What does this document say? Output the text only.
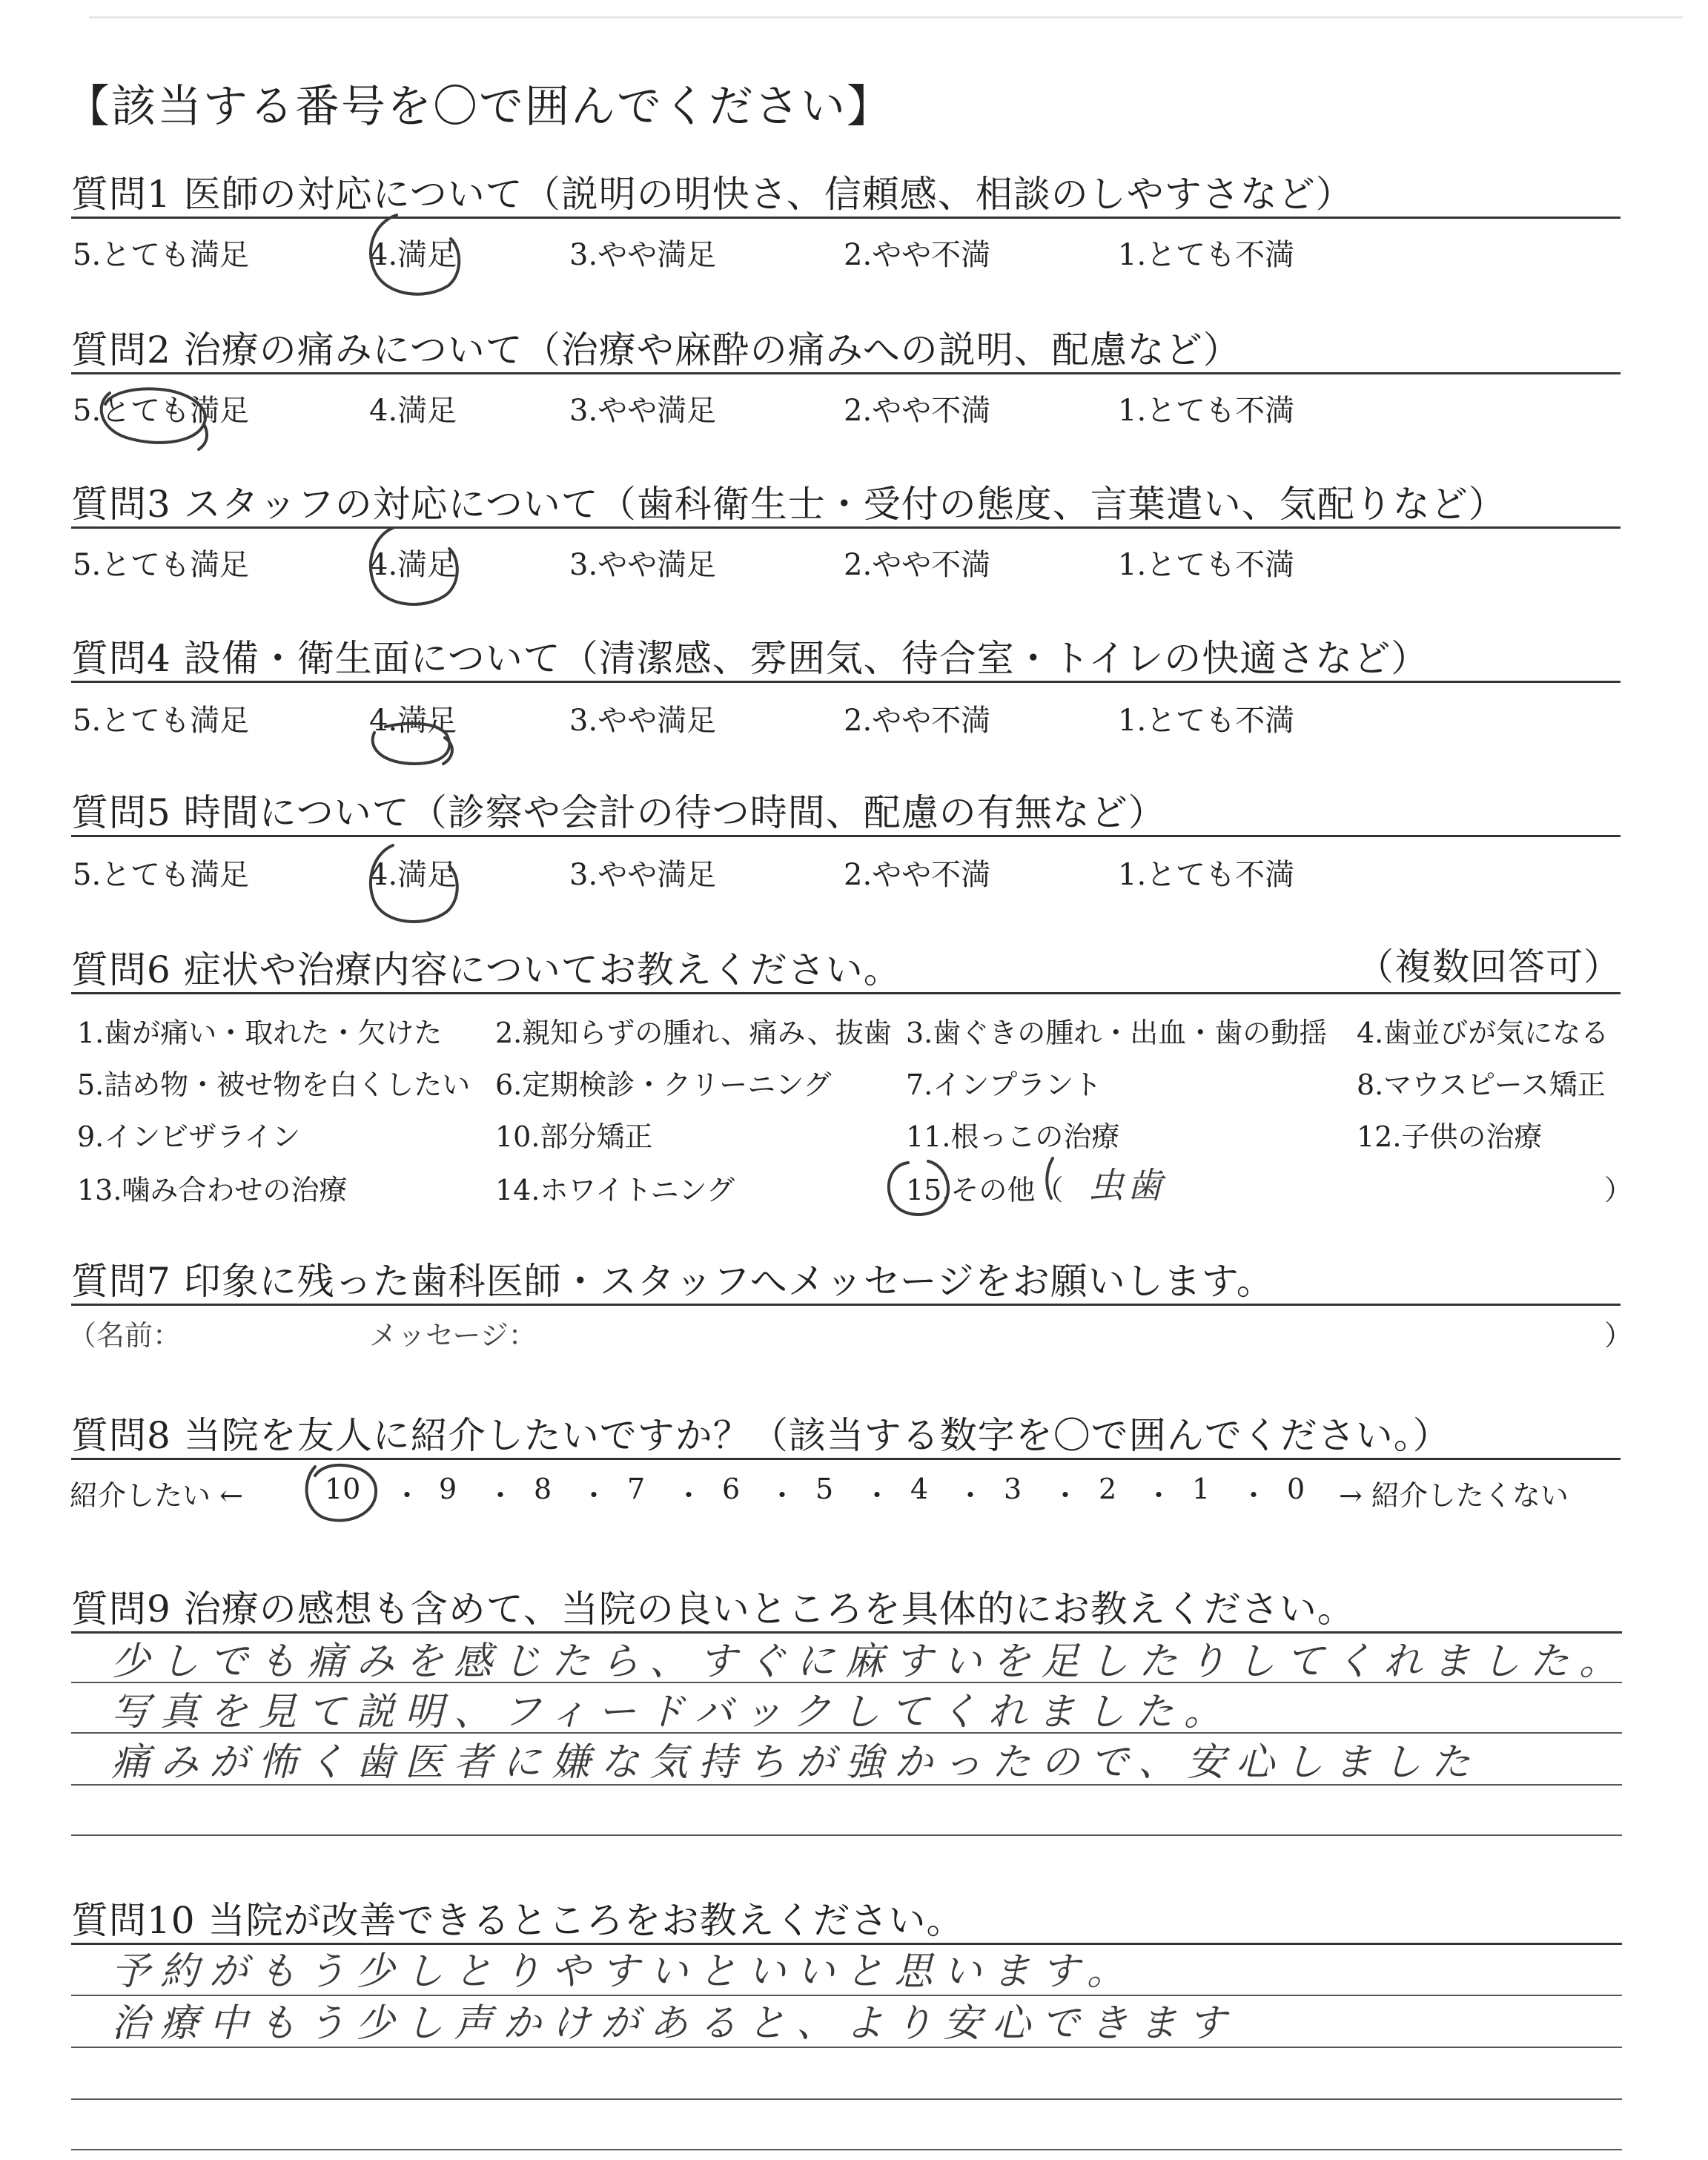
【該当する番号を〇で囲んでください】
質問1 医師の対応について（説明の明快さ、信頼感、相談のしやすさなど）
5.とても満足	4.満足	3.やや満足	2.やや不満	1.とても不満
質問2 治療の痛みについて（治療や麻酔の痛みへの説明、配慮など）
5.とても満足	4.満足	3.やや満足	2.やや不満	1.とても不満
質問3 スタッフの対応について（歯科衛生士・受付の態度、言葉遣い、気配りなど）
5.とても満足	4.満足	3.やや満足	2.やや不満	1.とても不満
質問4 設備・衛生面について（清潔感、雰囲気、待合室・トイレの快適さなど）
5.とても満足	4.満足	3.やや満足	2.やや不満	1.とても不満
質問5 時間について（診察や会計の待つ時間、配慮の有無など）
5.とても満足	4.満足	3.やや満足	2.やや不満	1.とても不満
質問6 症状や治療内容についてお教えください。	（複数回答可）
1.歯が痛い・取れた・欠けた 2.親知らずの腫れ、痛み、抜歯 3.歯ぐきの腫れ・出血・歯の動揺 4.歯並びが気になる
5.詰め物・被せ物を白くしたい 6.定期検診・クリーニング	7.インプラント	8.マウスピース矯正
9.インビザライン	10.部分矯正	11.根っこの治療	12.子供の治療
13.噛み合わせの治療	14.ホワイトニング	15.その他（ 虫歯	）
質問7 印象に残った歯科医師・スタッフへメッセージをお願いします。
（名前：	メッセージ：	）
質問8 当院を友人に紹介したいですか？（該当する数字を〇で囲んでください。）
紹介したい ←	10 ・ 9 ・ 8 ・ 7 ・ 6 ・ 5 ・ 4 ・ 3 ・ 2 ・ 1 ・ 0 → 紹介したくない
質問9 治療の感想も含めて、当院の良いところを具体的にお教えください。
少しでも痛みを感じたら、すぐに麻すいを足したりしてくれました。
写真を見て説明、フィードバックしてくれました。
痛みが怖く歯医者に嫌な気持ちが強かったので、安心しました
質問10 当院が改善できるところをお教えください。
予約がもう少しとりやすいといいと思います。
治療中もう少し声かけがあると、より安心できます
